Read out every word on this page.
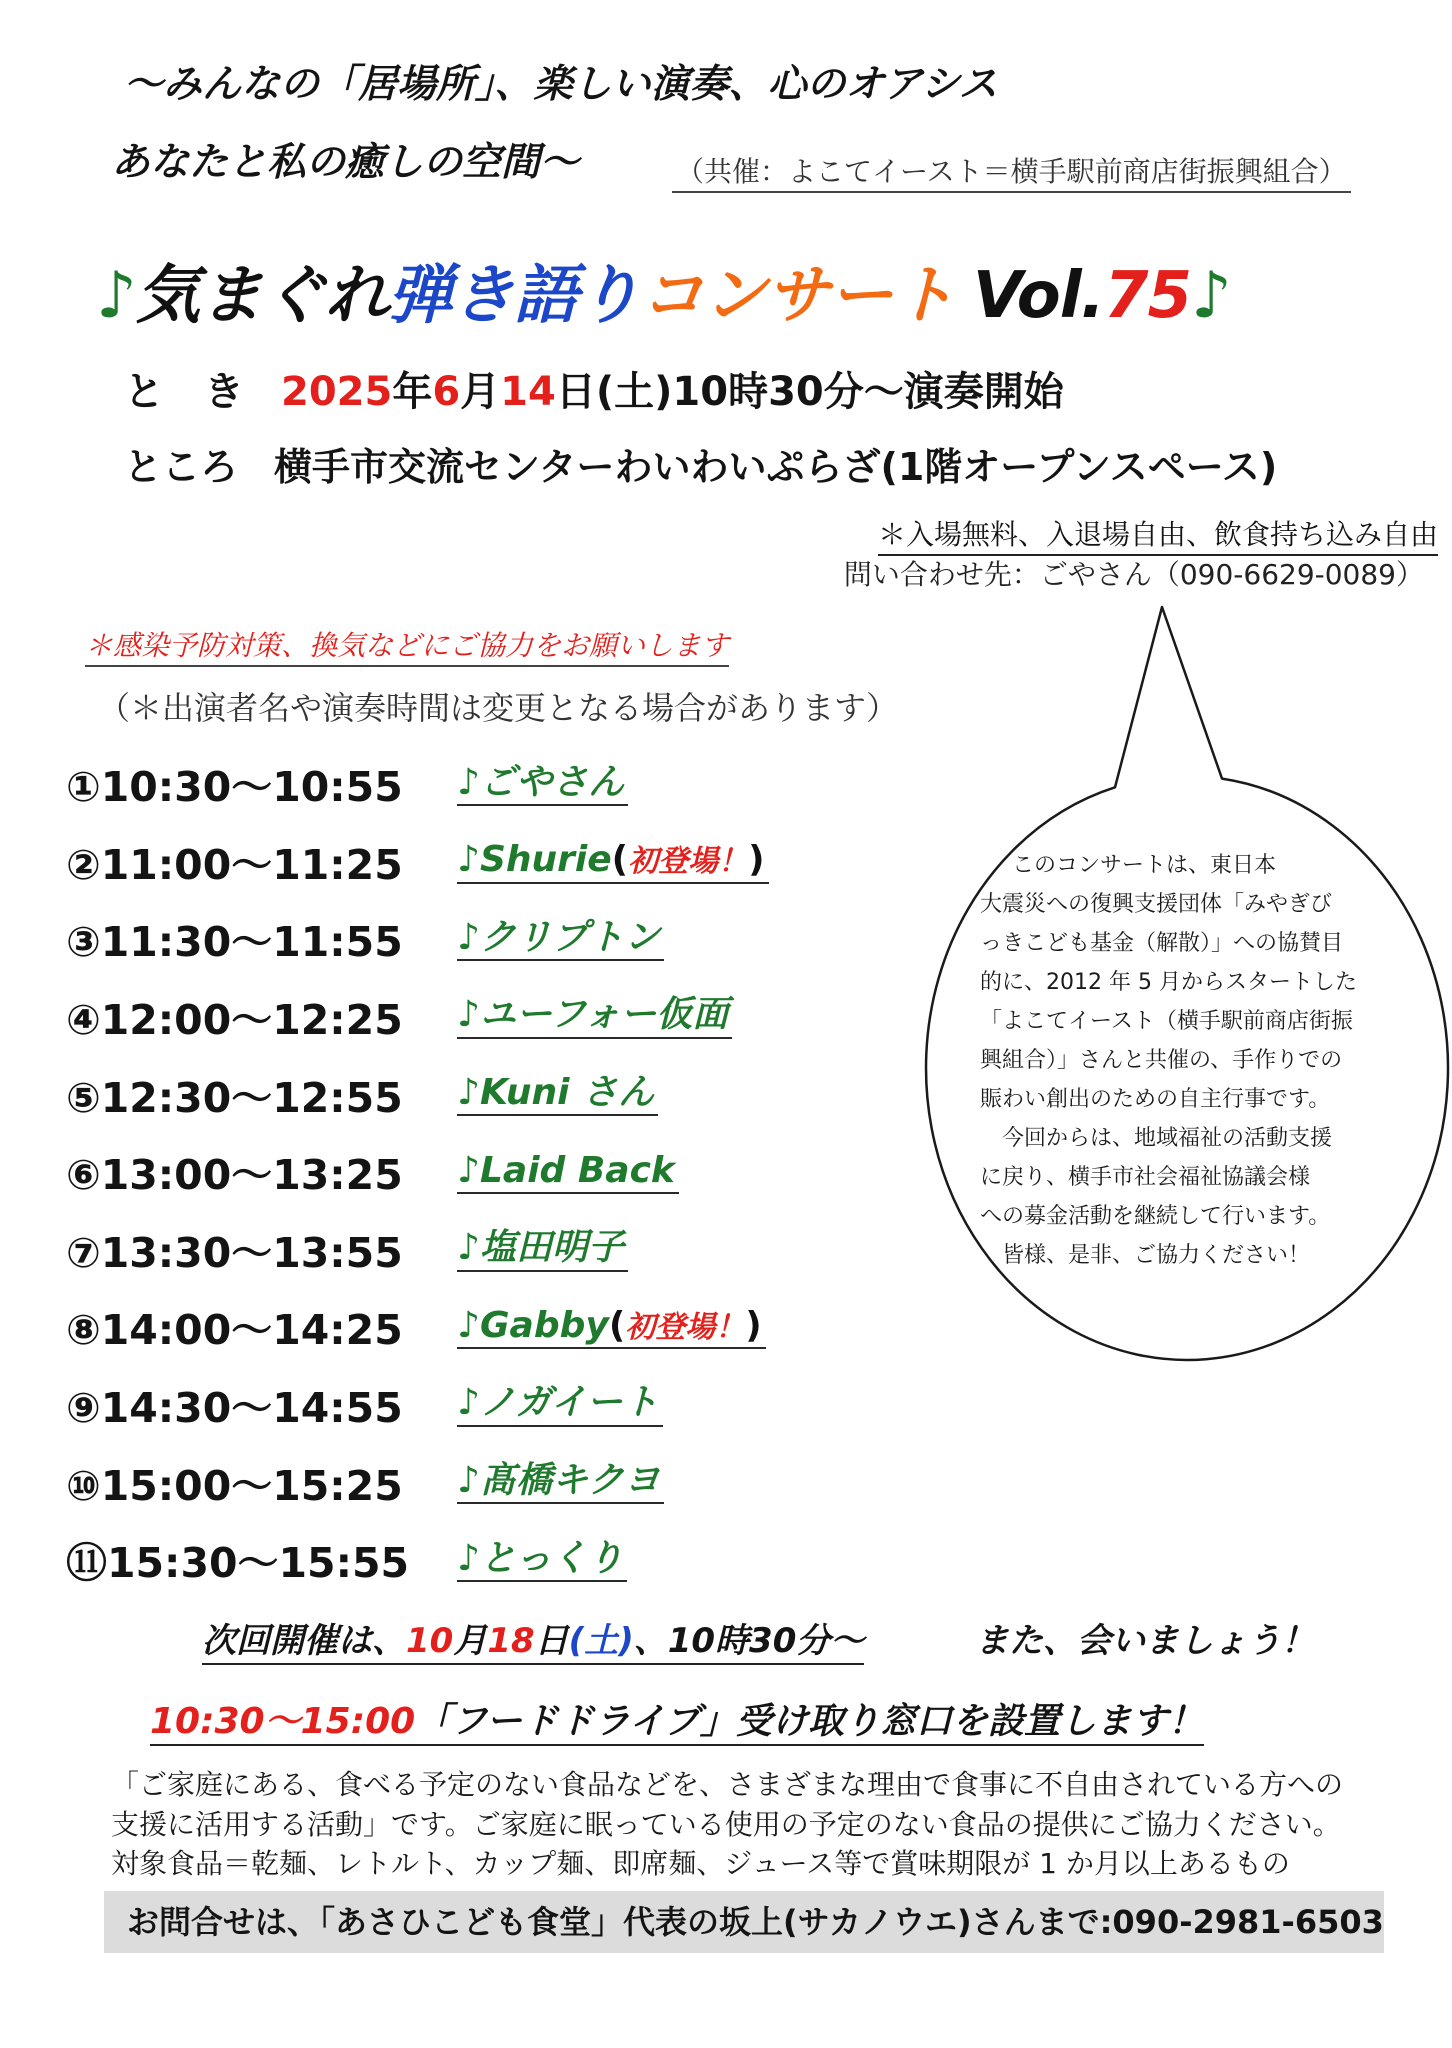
～みんなの「居場所」、楽しい演奏、心のオアシス
あなたと私の癒しの空間～	（共催：よこてイースト＝横手駅前商店街振興組合）
♪気まぐれ弾き語りコンサート Vol.75♪
と　き 2025年6月14日(土)10時30分～演奏開始
ところ 横手市交流センターわいわいぷらざ(1階オープンスペース)
＊入場無料、入退場自由、飲食持ち込み自由
問い合わせ先：ごやさん（090-6629-0089）
＊感染予防対策、換気などにご協力をお願いします
（＊出演者名や演奏時間は変更となる場合があります）
①10:30～10:55	♪ごやさん
②11:00～11:25	♪Shurie(初登場！)
③11:30～11:55	♪クリプトン
④12:00～12:25	♪ユーフォー仮面
⑤12:30～12:55	♪Kuni さん
⑥13:00～13:25	♪Laid Back
⑦13:30～13:55	♪塩田明子
⑧14:00～14:25	♪Gabby(初登場！)
⑨14:30～14:55	♪ノガイート
⑩15:00～15:25	♪髙橋キクヨ
⑪15:30～15:55	♪とっくり
　このコンサートは、東日本
大震災への復興支援団体「みやぎび
っきこども基金（解散）」への協賛目
的に、2012 年 5 月からスタートした
「よこてイースト（横手駅前商店街振
興組合）」さんと共催の、手作りでの
賑わい創出のための自主行事です。
　今回からは、地域福祉の活動支援
に戻り、横手市社会福祉協議会様
への募金活動を継続して行います。
　皆様、是非、ご協力ください！
次回開催は、10月18日(土)、10時30分～	また、会いましょう！
10:30～15:00「フードドライブ」受け取り窓口を設置します！
「ご家庭にある、食べる予定のない食品などを、さまざまな理由で食事に不自由されている方への
支援に活用する活動」です。ご家庭に眠っている使用の予定のない食品の提供にご協力ください。
対象食品＝乾麺、レトルト、カップ麺、即席麺、ジュース等で賞味期限が 1 か月以上あるもの
お問合せは、「あさひこども食堂」代表の坂上(サカノウエ)さんまで:090-2981-6503
